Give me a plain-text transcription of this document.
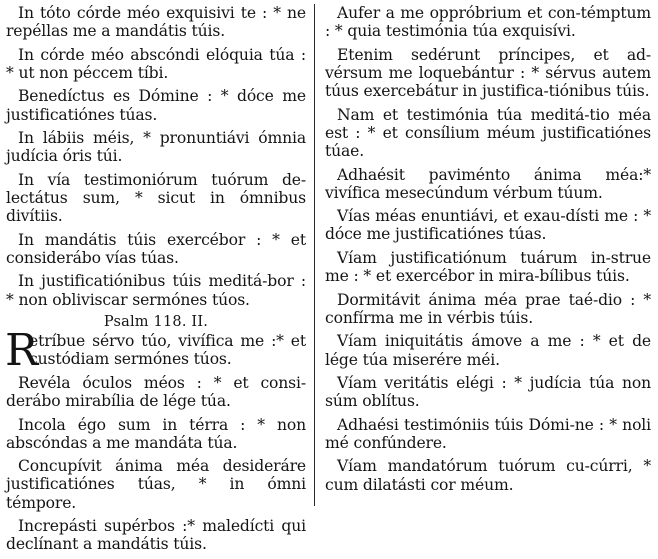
In tóto córde méo exquisivi te : * ne repéllas me a mandátis túis.

In córde méo abscóndi elóquia túa : * ut non péccem tíbi.

Benedíctus es Dómine : * dóce me justificatiónes túas.

In lábiis méis, * pronuntiávi ómnia judícia óris túi.

In vía testimoniórum tuórum de-lectátus sum, * sicut in ómnibus divítiis.

In mandátis túis exercébor : * et considerábo vías túas.

In justificatiónibus túis meditá-bor : * non obliviscar sermónes túos.

Psalm 118. II.
R

etríbue sérvo túo, vivífica me :* et custódiam sermónes túos.

Revéla óculos méos : * et consi-derábo mirabília de lége túa.

Incola égo sum in térra : * non abscóndas a me mandáta túa.

Concupívit ánima méa desideráre justificatiónes túas, * in ómni témpore.

Increpásti supérbos :* maledícti qui declínant a mandátis túis.

Aufer a me oppróbrium et con-témptum : * quia testimónia túa exquisívi.

Etenim sedérunt príncipes, et ad-vérsum me loquebántur : * sérvus autem túus exercebátur in justifica-tiónibus túis.

Nam et testimónia túa meditá-tio méa est : * et consílium méum justificatiónes túae.

Adhaésit paviménto ánima méa:* vivífica mesecúndum vérbum túum.

Vías méas enuntiávi, et exau-dísti me : * dóce me justificatiónes túas.

Víam justificatiónum tuárum in-strue me : * et exercébor in mira-bílibus túis.

Dormitávit ánima méa prae taé-dio : * confírma me in vérbis túis.

Víam iniquitátis ámove a me : * et de lége túa miserére méi.

Víam veritátis elégi : * judícia túa non súm oblítus.

Adhaési testimóniis túis Dómi-ne : * noli mé confúndere.

Víam mandatórum tuórum cu-cúrri, * cum dilatásti cor méum.
